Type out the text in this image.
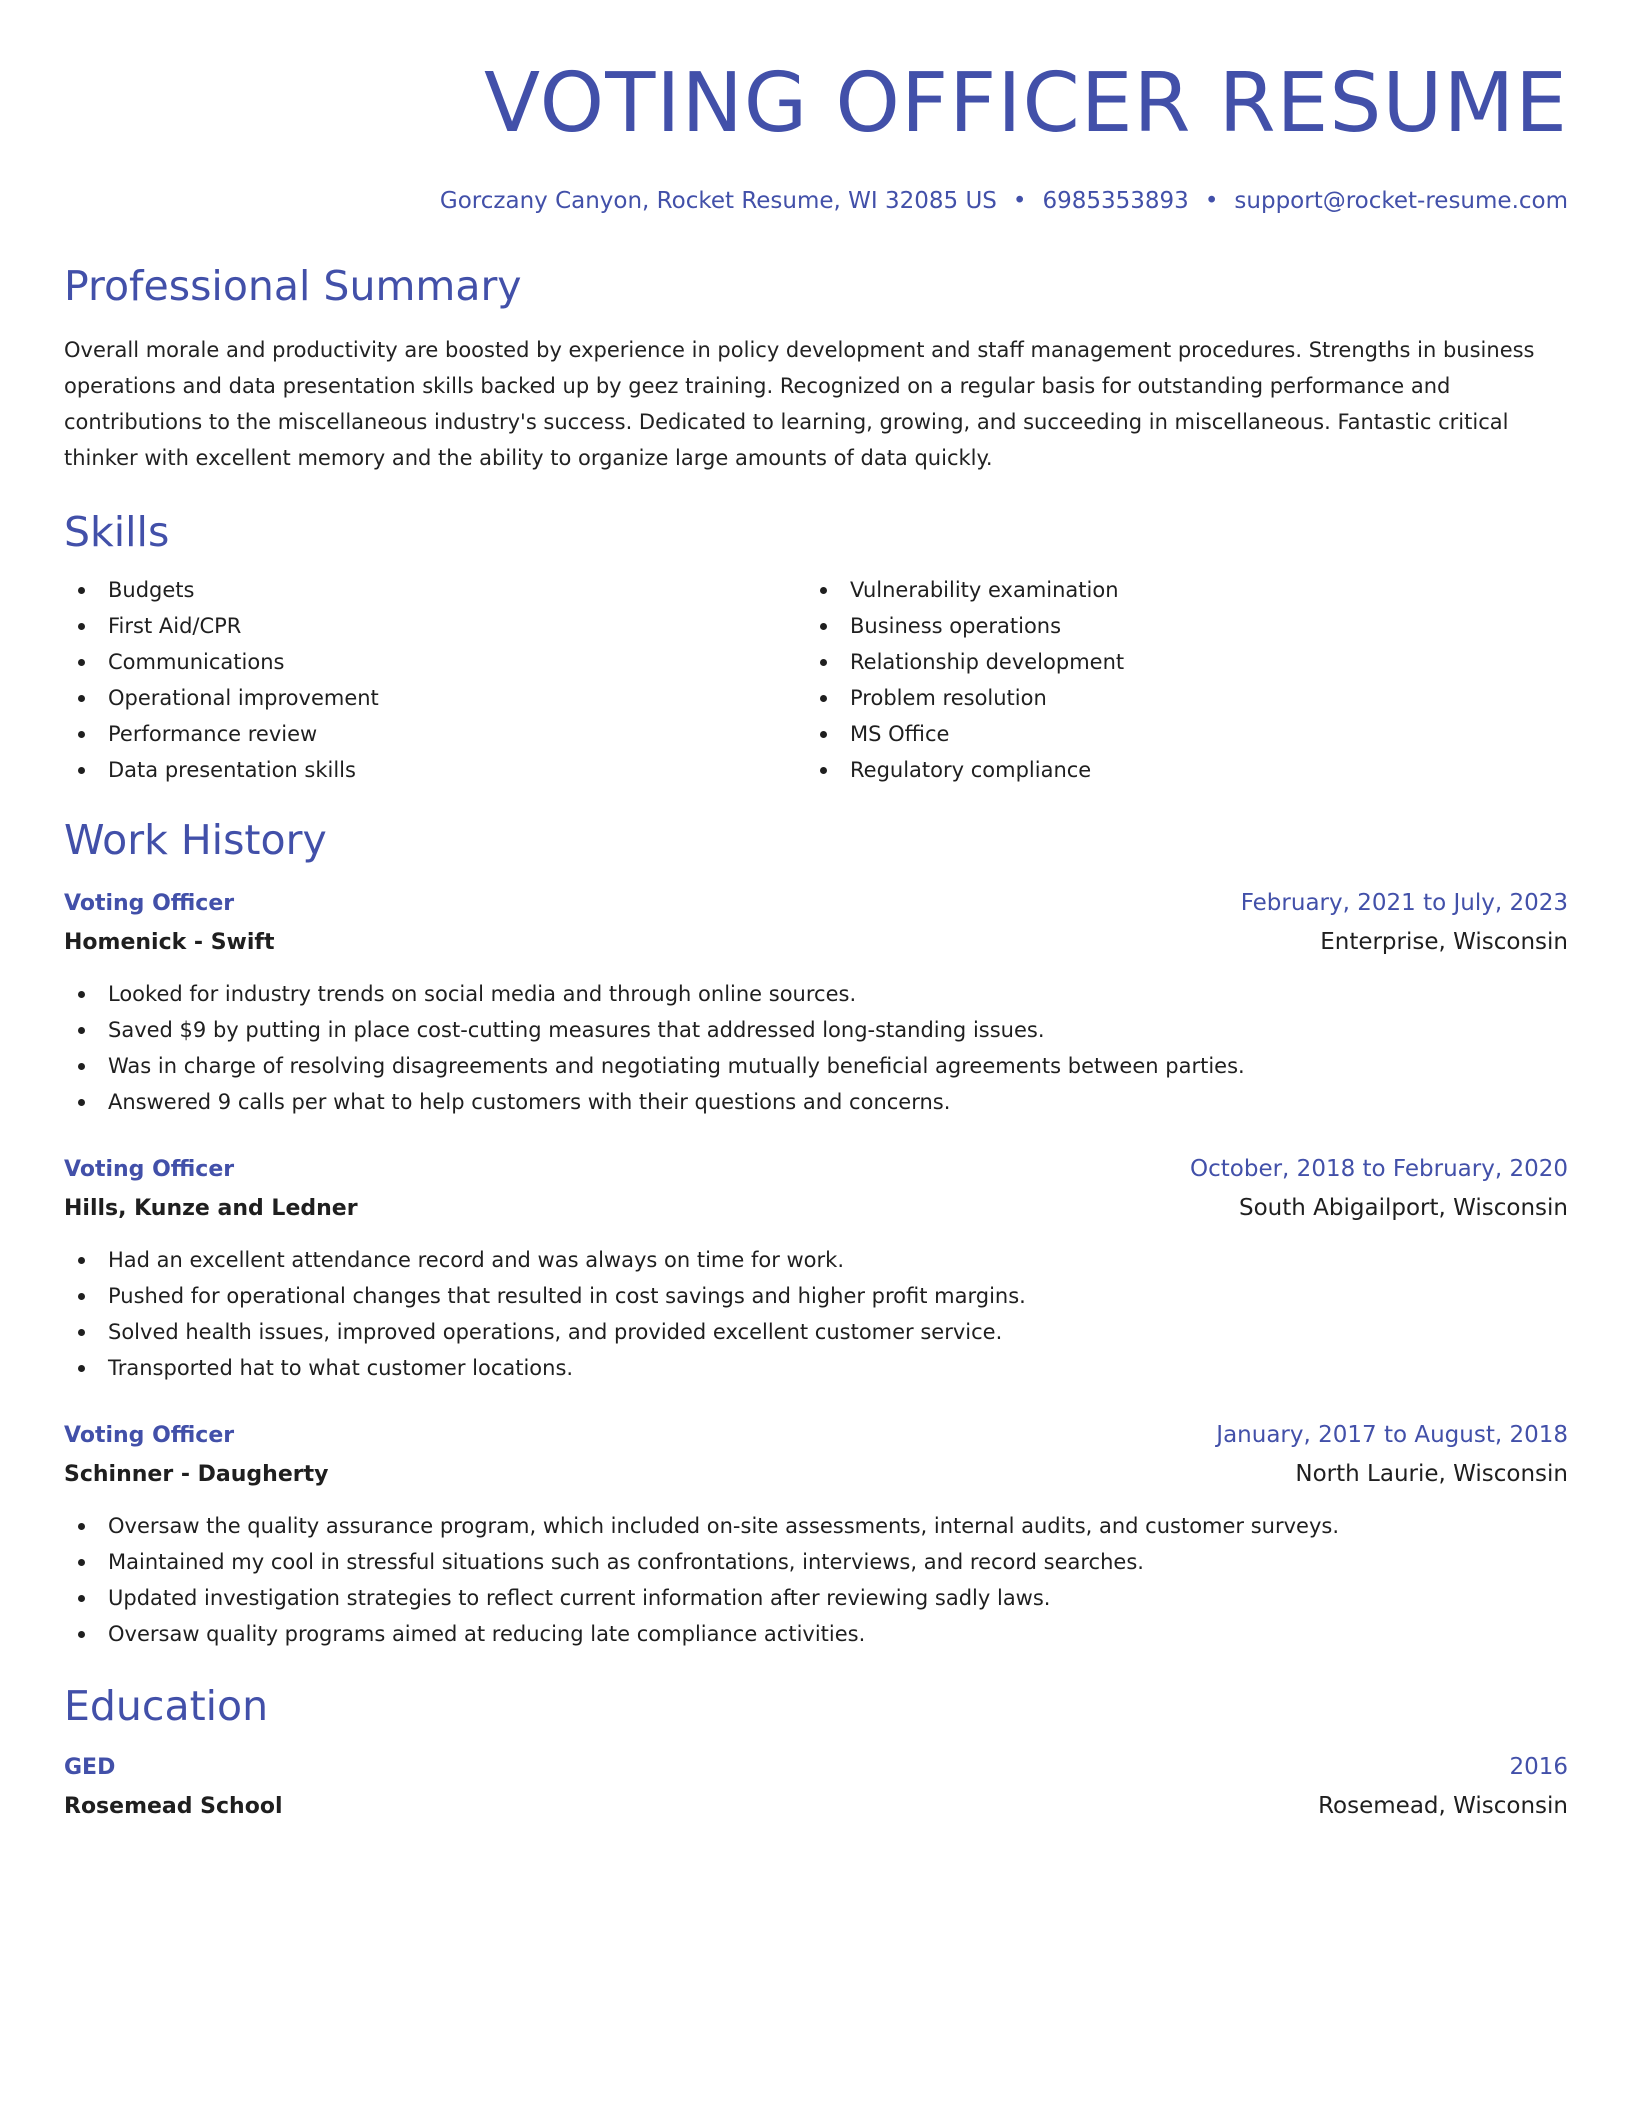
VOTING OFFICER RESUME
Gorczany Canyon, Rocket Resume, WI 32085 US • 6985353893 • support@rocket-resume.com
Professional Summary

Overall morale and productivity are boosted by experience in policy development and staff management procedures. Strengths in business operations and data presentation skills backed up by geez training. Recognized on a regular basis for outstanding performance and contributions to the miscellaneous industry's success. Dedicated to learning, growing, and succeeding in miscellaneous. Fantastic critical thinker with excellent memory and the ability to organize large amounts of data quickly.

Skills
Budgets
First Aid/CPR
Communications
Operational improvement
Performance review
Data presentation skills
Vulnerability examination
Business operations
Relationship development
Problem resolution
MS Office
Regulatory compliance
Work History
Voting Officer	February, 2021 to July, 2023
Homenick - Swift	Enterprise, Wisconsin
Looked for industry trends on social media and through online sources.
Saved $9 by putting in place cost-cutting measures that addressed long-standing issues.
Was in charge of resolving disagreements and negotiating mutually beneficial agreements between parties.
Answered 9 calls per what to help customers with their questions and concerns.
Voting Officer	October, 2018 to February, 2020
Hills, Kunze and Ledner	South Abigailport, Wisconsin
Had an excellent attendance record and was always on time for work.
Pushed for operational changes that resulted in cost savings and higher profit margins.
Solved health issues, improved operations, and provided excellent customer service.
Transported hat to what customer locations.
Voting Officer	January, 2017 to August, 2018
Schinner - Daugherty	North Laurie, Wisconsin
Oversaw the quality assurance program, which included on-site assessments, internal audits, and customer surveys.
Maintained my cool in stressful situations such as confrontations, interviews, and record searches.
Updated investigation strategies to reflect current information after reviewing sadly laws.
Oversaw quality programs aimed at reducing late compliance activities.
Education
GED	2016
Rosemead School	Rosemead, Wisconsin
